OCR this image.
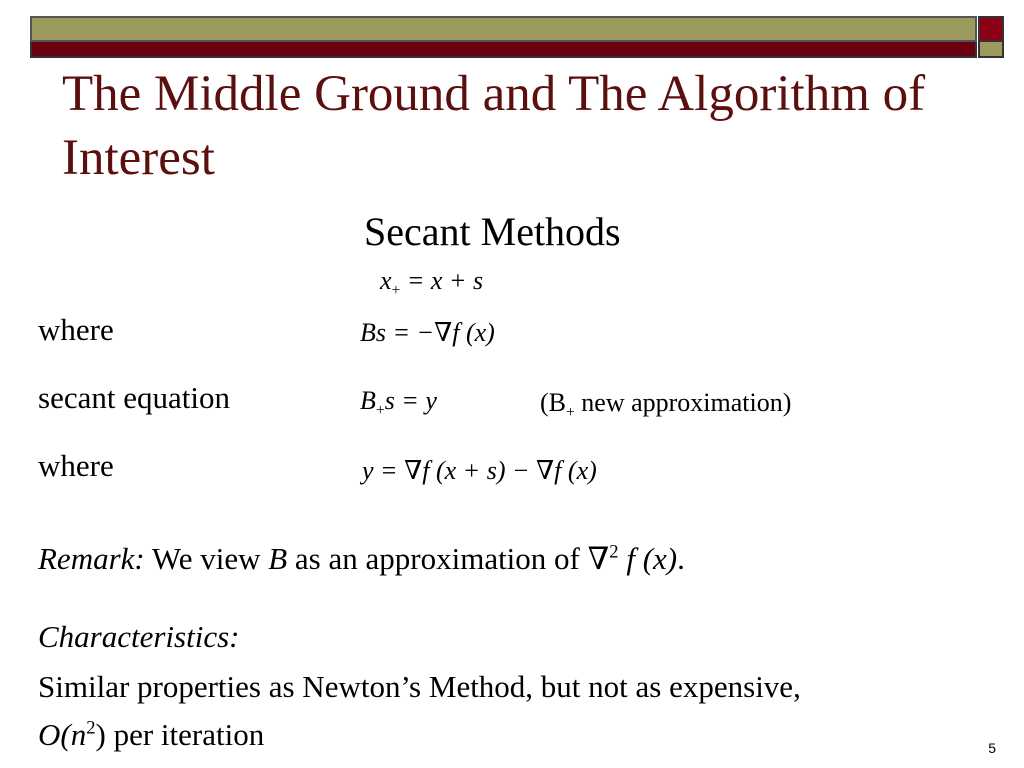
The Middle Ground and The Algorithm of Interest
Secant Methods
$x_+ = x + s$
where	Bs = −∇f (x)
secant equation	$B_+s = y$	($B_+$ new approximation)
where	y = ∇f (x + s) − ∇f (x)
Remark: We view B as an approximation of ∇$^2$ f (x).
Characteristics:
Similar properties as Newton’s Method, but not as expensive,
$O(n^2)$ per iteration	5
